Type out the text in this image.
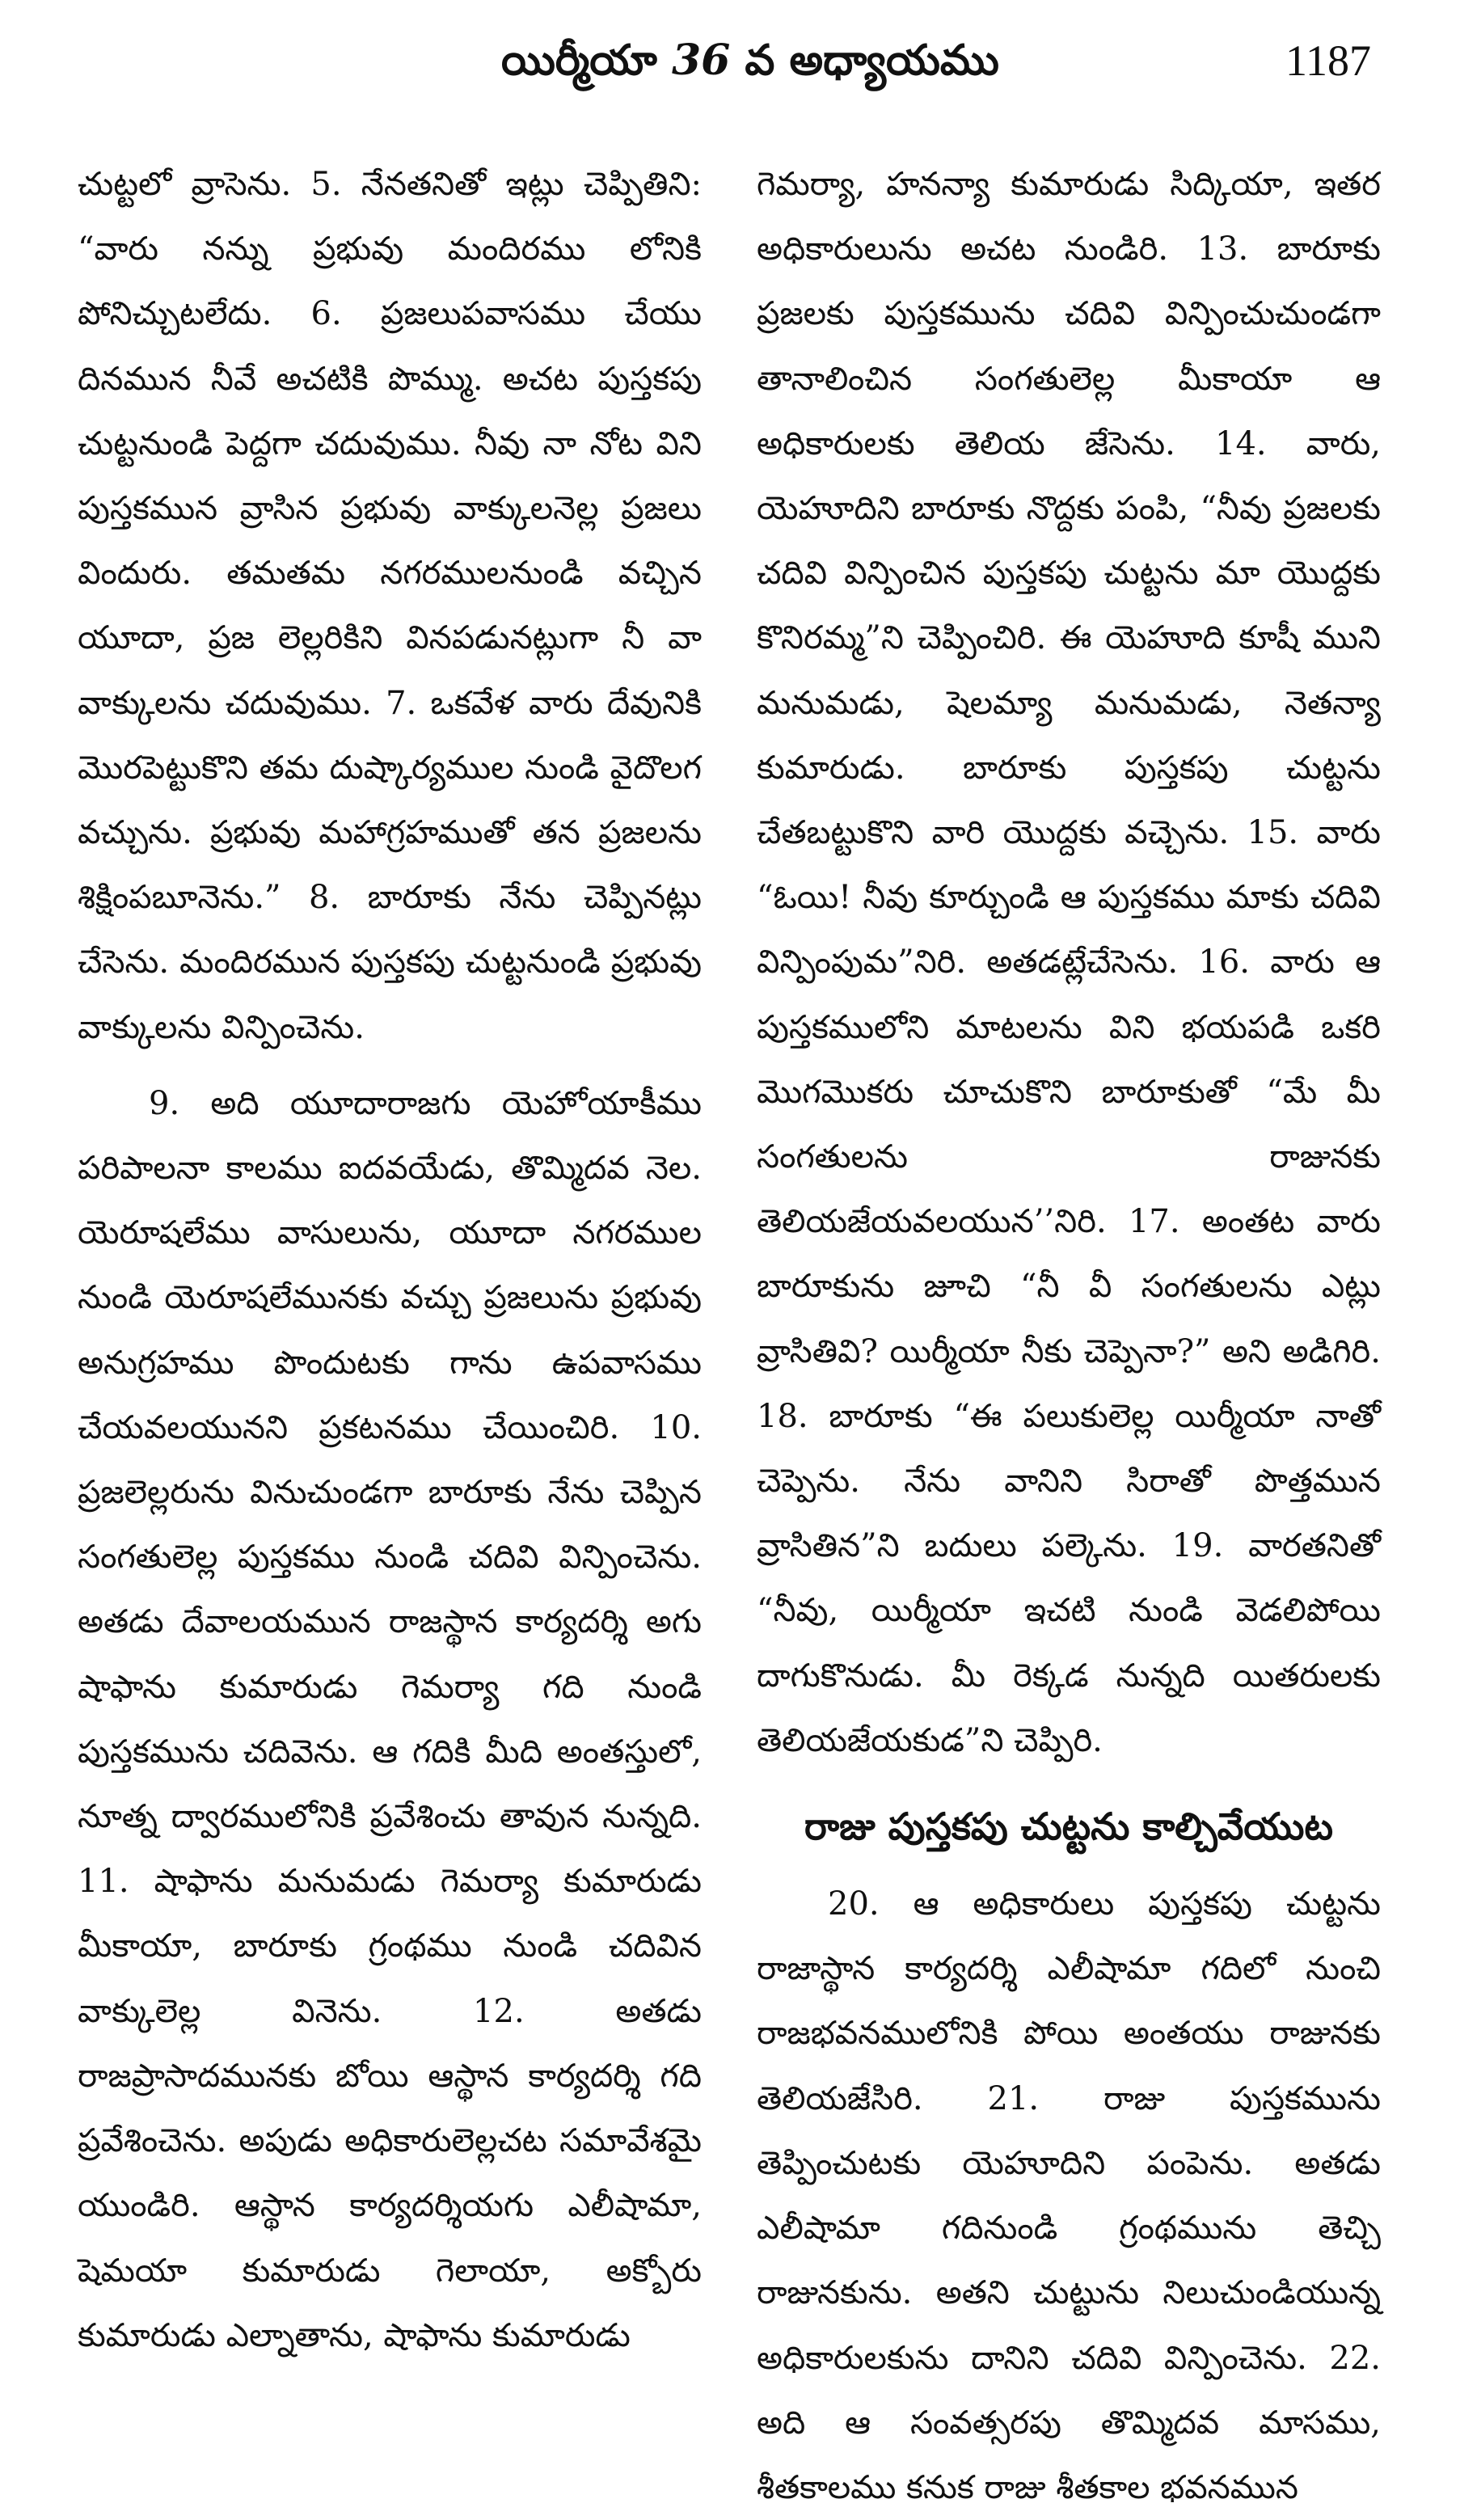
యిర్మీయా 36 వ అధ్యాయము	1187

చుట్టలో వ్రాసెను. 5. నేనతనితో ఇట్లు చెప్పితిని: “వారు నన్ను ప్రభువు మందిరము లోనికి పోనిచ్చుటలేదు. 6. ప్రజలుపవాసము చేయు దినమున నీవే అచటికి పొమ్ము. అచట పుస్తకపు చుట్టనుండి పెద్దగా చదువుము. నీవు నా నోట విని పుస్తకమున వ్రాసిన ప్రభువు వాక్కులనెల్ల ప్రజలు విందురు. తమతమ నగరములనుండి వచ్చిన యూదా, ప్రజ లెల్లరికిని వినపడునట్లుగా నీ వా వాక్కులను చదువుము. 7. ఒకవేళ వారు దేవునికి మొరపెట్టుకొని తమ దుష్కార్యముల నుండి వైదొలగ వచ్చును. ప్రభువు మహాగ్రహముతో తన ప్రజలను శిక్షింపబూనెను.” 8. బారూకు నేను చెప్పినట్లు చేసెను. మందిరమున పుస్తకపు చుట్టనుండి ప్రభువు వాక్కులను విన్పించెను.

9. అది యూదారాజగు యెహోయాకీము పరిపాలనా కాలము ఐదవయేడు, తొమ్మిదవ నెల. యెరూషలేము వాసులును, యూదా నగరముల నుండి యెరూషలేమునకు వచ్చు ప్రజలును ప్రభువు అనుగ్రహము పొందుటకు గాను ఉపవాసము చేయవలయునని ప్రకటనము చేయించిరి. 10. ప్రజలెల్లరును వినుచుండగా బారూకు నేను చెప్పిన సంగతులెల్ల పుస్తకము నుండి చదివి విన్పించెను. అతడు దేవాలయమున రాజస్థాన కార్యదర్శి అగు షాఫాను కుమారుడు గెమర్యా గది నుండి పుస్తకమును చదివెను. ఆ గదికి మీది అంతస్తులో, నూత్న ద్వారములోనికి ప్రవేశించు తావున నున్నది. 11. షాఫాను మనుమడు గెమర్యా కుమారుడు మీకాయా, బారూకు గ్రంథము నుండి చదివిన వాక్కులెల్ల వినెను. 12. అతడు రాజప్రాసాదమునకు బోయి ఆస్థాన కార్యదర్శి గది ప్రవేశించెను. అపుడు అధికారులెల్లచట సమావేశమై యుండిరి. ఆస్థాన కార్యదర్శియగు ఎలీషామా, షెమయా కుమారుడు గెలాయా, అక్బోరు కుమారుడు ఎల్నాతాను, షాఫాను కుమారుడు

గెమర్యా, హనన్యా కుమారుడు సిద్కియా, ఇతర అధికారులును అచట నుండిరి. 13. బారూకు ప్రజలకు పుస్తకమును చదివి విన్పించుచుండగా తానాలించిన సంగతులెల్ల మీకాయా ఆ అధికారులకు తెలియ జేసెను. 14. వారు, యెహూదిని బారూకు నొద్దకు పంపి, “నీవు ప్రజలకు చదివి విన్పించిన పుస్తకపు చుట్టను మా యొద్దకు కొనిరమ్మ”ని చెప్పించిరి. ఈ యెహూది కూషీ ముని మనుమడు, షెలమ్యా మనుమడు, నెతన్యా కుమారుడు. బారూకు పుస్తకపు చుట్టను చేతబట్టుకొని వారి యొద్దకు వచ్చెను. 15. వారు “ఓయి! నీవు కూర్చుండి ఆ పుస్తకము మాకు చదివి విన్పింపుమ”నిరి. అతడట్లేచేసెను. 16. వారు ఆ పుస్తకములోని మాటలను విని భయపడి ఒకరి మొగమొకరు చూచుకొని బారూకుతో “మే మీ సంగతులను రాజునకు తెలియజేయవలయున’’నిరి. 17. అంతట వారు బారూకును జూచి “నీ వీ సంగతులను ఎట్లు వ్రాసితివి? యిర్మీయా నీకు చెప్పెనా?” అని అడిగిరి. 18. బారూకు “ఈ పలుకులెల్ల యిర్మీయా నాతో చెప్పెను. నేను వానిని సిరాతో పొత్తమున వ్రాసితిన”ని బదులు పల్కెను. 19. వారతనితో “నీవు, యిర్మీయా ఇచటి నుండి వెడలిపోయి దాగుకొనుడు. మీ రెక్కడ నున్నది యితరులకు తెలియజేయకుడ”ని చెప్పిరి.

రాజు పుస్తకపు చుట్టను కాల్చివేయుట

20. ఆ అధికారులు పుస్తకపు చుట్టను రాజాస్థాన కార్యదర్శి ఎలీషామా గదిలో నుంచి రాజభవనములోనికి పోయి అంతయు రాజునకు తెలియజేసిరి. 21. రాజు పుస్తకమును తెప్పించుటకు యెహూదిని పంపెను. అతడు ఎలీషామా గదినుండి గ్రంథమును తెచ్చి రాజునకును. అతని చుట్టును నిలుచుండియున్న అధికారులకును దానిని చదివి విన్పించెను. 22. అది ఆ సంవత్సరపు తొమ్మిదవ మాసము, శీతకాలము కనుక రాజు శీతకాల భవనమున
